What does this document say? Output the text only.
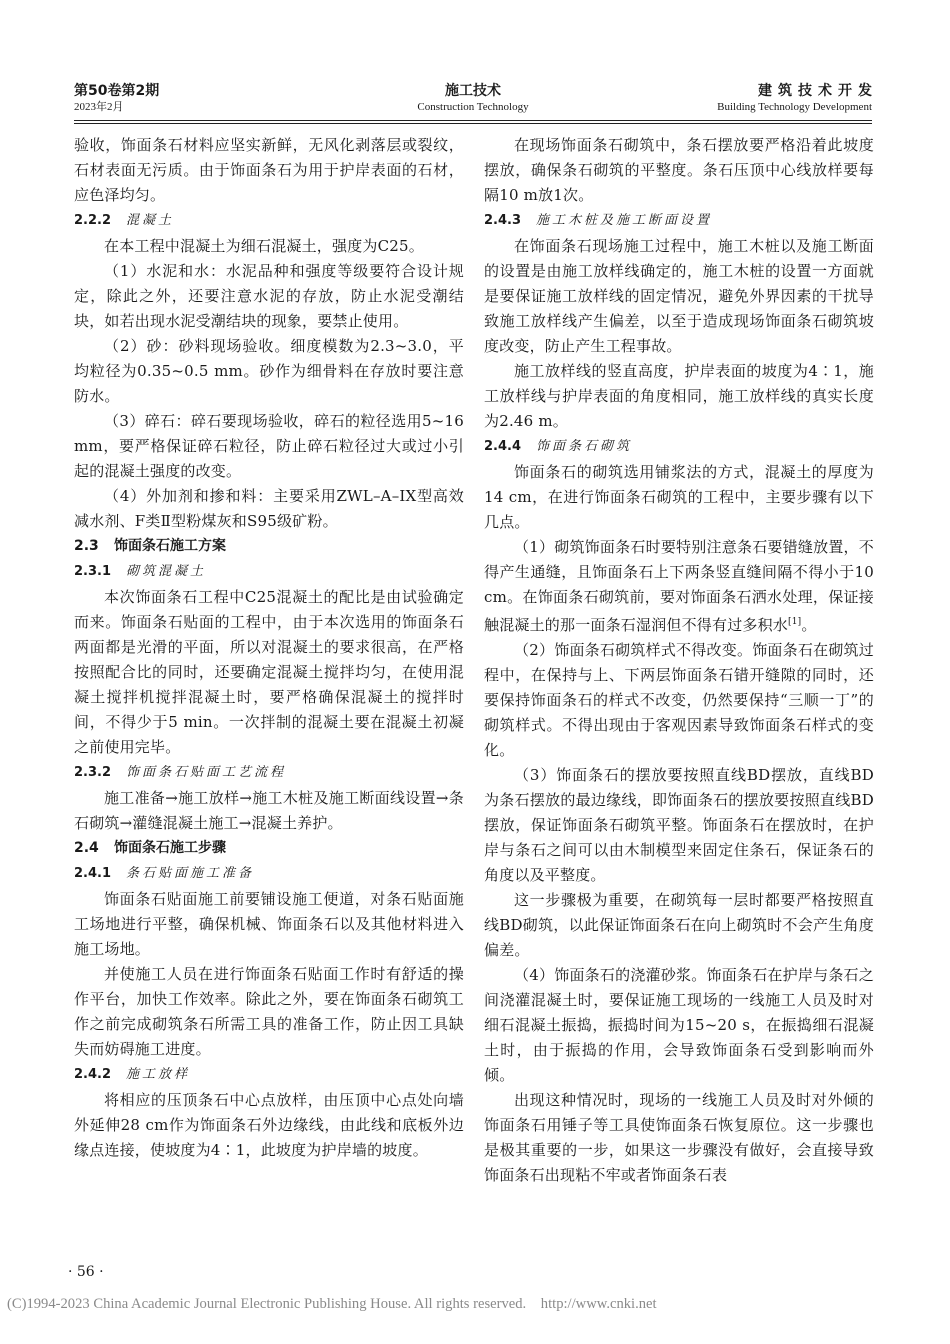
第50卷第2期
2023年2月
施工技术
Construction Technology
建筑技术开发
Building Technology Development

验收，饰面条石材料应坚实新鲜，无风化剥落层或裂纹，石材表面无污质。由于饰面条石为用于护岸表面的石材，应色泽均匀。

2.2.2 混凝土

在本工程中混凝土为细石混凝土，强度为C25。

（1）水泥和水：水泥品种和强度等级要符合设计规定，除此之外，还要注意水泥的存放，防止水泥受潮结块，如若出现水泥受潮结块的现象，要禁止使用。

（2）砂：砂料现场验收。细度模数为2.3~3.0，平均粒径为0.35~0.5 mm。砂作为细骨料在存放时要注意防水。

（3）碎石：碎石要现场验收，碎石的粒径选用5~16 mm，要严格保证碎石粒径，防止碎石粒径过大或过小引起的混凝土强度的改变。

（4）外加剂和掺和料：主要采用ZWL–A–IX型高效减水剂、F类Ⅱ型粉煤灰和S95级矿粉。

2.3 饰面条石施工方案
2.3.1 砌筑混凝土

本次饰面条石工程中C25混凝土的配比是由试验确定而来。饰面条石贴面的工程中，由于本次选用的饰面条石两面都是光滑的平面，所以对混凝土的要求很高，在严格按照配合比的同时，还要确定混凝土搅拌均匀，在使用混凝土搅拌机搅拌混凝土时，要严格确保混凝土的搅拌时间，不得少于5 min。一次拌制的混凝土要在混凝土初凝之前使用完毕。

2.3.2 饰面条石贴面工艺流程

施工准备→施工放样→施工木桩及施工断面线设置→条石砌筑→灌缝混凝土施工→混凝土养护。

2.4 饰面条石施工步骤
2.4.1 条石贴面施工准备

饰面条石贴面施工前要铺设施工便道，对条石贴面施工场地进行平整，确保机械、饰面条石以及其他材料进入施工场地。

并使施工人员在进行饰面条石贴面工作时有舒适的操作平台，加快工作效率。除此之外，要在饰面条石砌筑工作之前完成砌筑条石所需工具的准备工作，防止因工具缺失而妨碍施工进度。

2.4.2 施工放样

将相应的压顶条石中心点放样，由压顶中心点处向墙外延伸28 cm作为饰面条石外边缘线，由此线和底板外边缘点连接，使坡度为4∶1，此坡度为护岸墙的坡度。

在现场饰面条石砌筑中，条石摆放要严格沿着此坡度摆放，确保条石砌筑的平整度。条石压顶中心线放样要每隔10 m放1次。

2.4.3 施工木桩及施工断面设置

在饰面条石现场施工过程中，施工木桩以及施工断面的设置是由施工放样线确定的，施工木桩的设置一方面就是要保证施工放样线的固定情况，避免外界因素的干扰导致施工放样线产生偏差，以至于造成现场饰面条石砌筑坡度改变，防止产生工程事故。

施工放样线的竖直高度，护岸表面的坡度为4∶1，施工放样线与护岸表面的角度相同，施工放样线的真实长度为2.46 m。

2.4.4 饰面条石砌筑

饰面条石的砌筑选用铺浆法的方式，混凝土的厚度为14 cm，在进行饰面条石砌筑的工程中，主要步骤有以下几点。

（1）砌筑饰面条石时要特别注意条石要错缝放置，不得产生通缝，且饰面条石上下两条竖直缝间隔不得小于10 cm。在饰面条石砌筑前，要对饰面条石洒水处理，保证接触混凝土的那一面条石湿润但不得有过多积水[1]。

（2）饰面条石砌筑样式不得改变。饰面条石在砌筑过程中，在保持与上、下两层饰面条石错开缝隙的同时，还要保持饰面条石的样式不改变，仍然要保持“三顺一丁”的砌筑样式。不得出现由于客观因素导致饰面条石样式的变化。

（3）饰面条石的摆放要按照直线BD摆放，直线BD为条石摆放的最边缘线，即饰面条石的摆放要按照直线BD摆放，保证饰面条石砌筑平整。饰面条石在摆放时，在护岸与条石之间可以由木制模型来固定住条石，保证条石的角度以及平整度。

这一步骤极为重要，在砌筑每一层时都要严格按照直线BD砌筑，以此保证饰面条石在向上砌筑时不会产生角度偏差。

（4）饰面条石的浇灌砂浆。饰面条石在护岸与条石之间浇灌混凝土时，要保证施工现场的一线施工人员及时对细石混凝土振捣，振捣时间为15~20 s，在振捣细石混凝土时，由于振捣的作用，会导致饰面条石受到影响而外倾。

出现这种情况时，现场的一线施工人员及时对外倾的饰面条石用锤子等工具使饰面条石恢复原位。这一步骤也是极其重要的一步，如果这一步骤没有做好，会直接导致饰面条石出现粘不牢或者饰面条石表

· 56 ·
(C)1994-2023 China Academic Journal Electronic Publishing House. All rights reserved.    http://www.cnki.net
